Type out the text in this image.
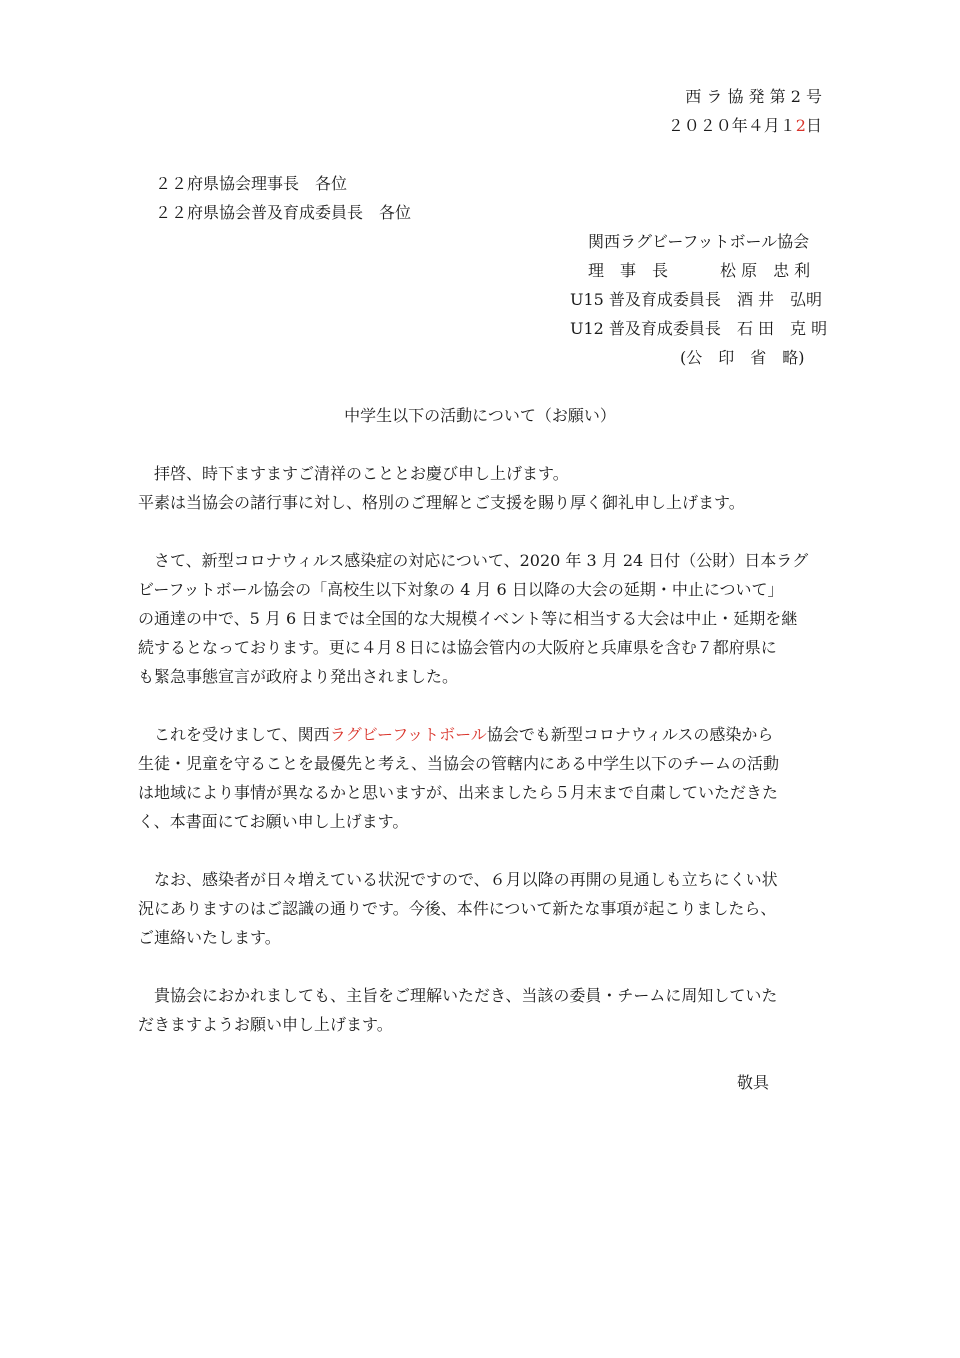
西 ラ 協 発 第 2 号
２０２０年４月１2日
２２府県協会理事長　各位
２２府県協会普及育成委員長　各位
関西ラグビーフットボール協会
理　事　長	松 原　忠 利
U15 普及育成委員長 酒 井　弘明
U12 普及育成委員長 石 田　克 明
(公　印　省　略)
中学生以下の活動について（お願い）
　拝啓、時下ますますご清祥のこととお慶び申し上げます。
平素は当協会の諸行事に対し、格別のご理解とご支援を賜り厚く御礼申し上げます。
　さて、新型コロナウィルス感染症の対応について、2020 年 3 月 24 日付（公財）日本ラグ
ビーフットボール協会の「高校生以下対象の 4 月 6 日以降の大会の延期・中止について」
の通達の中で、5 月 6 日までは全国的な大規模イベント等に相当する大会は中止・延期を継
続するとなっております。更に４月８日には協会管内の大阪府と兵庫県を含む７都府県に
も緊急事態宣言が政府より発出されました。
　これを受けまして、関西ラグビーフットボール協会でも新型コロナウィルスの感染から
生徒・児童を守ることを最優先と考え、当協会の管轄内にある中学生以下のチームの活動
は地域により事情が異なるかと思いますが、出来ましたら５月末まで自粛していただきた
く、本書面にてお願い申し上げます。
　なお、感染者が日々増えている状況ですので、６月以降の再開の見通しも立ちにくい状
況にありますのはご認識の通りです。今後、本件について新たな事項が起こりましたら、
ご連絡いたします。
　貴協会におかれましても、主旨をご理解いただき、当該の委員・チームに周知していた
だきますようお願い申し上げます。
敬具
